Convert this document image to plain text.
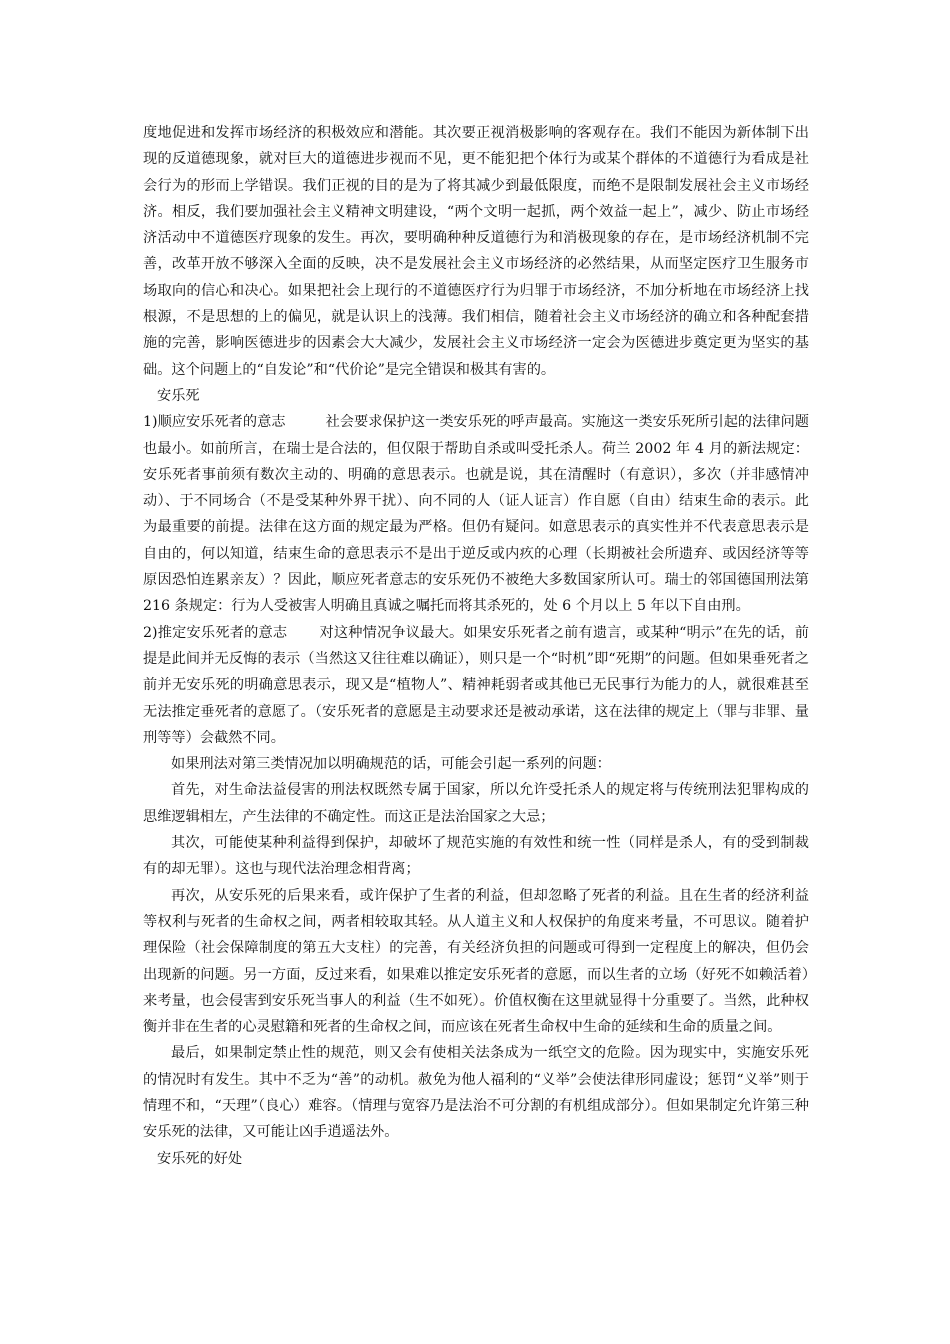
度地促进和发挥市场经济的积极效应和潜能。其次要正视消极影响的客观存在。我们不能因为新体制下出现的反道德现象，就对巨大的道德进步视而不见，更不能犯把个体行为或某个群体的不道德行为看成是社会行为的形而上学错误。我们正视的目的是为了将其减少到最低限度，而绝不是限制发展社会主义市场经济。相反，我们要加强社会主义精神文明建设，“两个文明一起抓，两个效益一起上”，减少、防止市场经济活动中不道德医疗现象的发生。再次，要明确种种反道德行为和消极现象的存在，是市场经济机制不完善，改革开放不够深入全面的反映，决不是发展社会主义市场经济的必然结果，从而坚定医疗卫生服务市场取向的信心和决心。如果把社会上现行的不道德医疗行为归罪于市场经济，不加分析地在市场经济上找根源，不是思想的上的偏见，就是认识上的浅薄。我们相信，随着社会主义市场经济的确立和各种配套措施的完善，影响医德进步的因素会大大减少，发展社会主义市场经济一定会为医德进步奠定更为坚实的基础。这个问题上的“自发论”和“代价论”是完全错误和极其有害的。

安乐死

1)顺应安乐死者的意志	社会要求保护这一类安乐死的呼声最高。实施这一类安乐死所引起的法律问题也最小。如前所言，在瑞士是合法的，但仅限于帮助自杀或叫受托杀人。荷兰 2002 年 4 月的新法规定：安乐死者事前须有数次主动的、明确的意思表示。也就是说，其在清醒时（有意识），多次（并非感情冲动）、于不同场合（不是受某种外界干扰）、向不同的人（证人证言）作自愿（自由）结束生命的表示。此为最重要的前提。法律在这方面的规定最为严格。但仍有疑问。如意思表示的真实性并不代表意思表示是自由的，何以知道，结束生命的意思表示不是出于逆反或内疚的心理（长期被社会所遗弃、或因经济等等原因恐怕连累亲友）？因此，顺应死者意志的安乐死仍不被绝大多数国家所认可。瑞士的邻国德国刑法第 216 条规定：行为人受被害人明确且真诚之嘱托而将其杀死的，处 6 个月以上 5 年以下自由刑。

2)推定安乐死者的意志 对这种情况争议最大。如果安乐死者之前有遗言，或某种“明示”在先的话，前提是此间并无反悔的表示（当然这又往往难以确证），则只是一个“时机”即“死期”的问题。但如果垂死者之前并无安乐死的明确意思表示，现又是“植物人”、精神耗弱者或其他已无民事行为能力的人，就很难甚至无法推定垂死者的意愿了。（安乐死者的意愿是主动要求还是被动承诺，这在法律的规定上（罪与非罪、量刑等等）会截然不同。

如果刑法对第三类情况加以明确规范的话，可能会引起一系列的问题：

首先，对生命法益侵害的刑法权既然专属于国家，所以允许受托杀人的规定将与传统刑法犯罪构成的思维逻辑相左，产生法律的不确定性。而这正是法治国家之大忌；

其次，可能使某种利益得到保护，却破坏了规范实施的有效性和统一性（同样是杀人，有的受到制裁有的却无罪）。这也与现代法治理念相背离；

再次，从安乐死的后果来看，或许保护了生者的利益，但却忽略了死者的利益。且在生者的经济利益等权利与死者的生命权之间，两者相较取其轻。从人道主义和人权保护的角度来考量，不可思议。随着护理保险（社会保障制度的第五大支柱）的完善，有关经济负担的问题或可得到一定程度上的解决，但仍会出现新的问题。另一方面，反过来看，如果难以推定安乐死者的意愿，而以生者的立场（好死不如赖活着）来考量，也会侵害到安乐死当事人的利益（生不如死）。价值权衡在这里就显得十分重要了。当然，此种权衡并非在生者的心灵慰籍和死者的生命权之间，而应该在死者生命权中生命的延续和生命的质量之间。

最后，如果制定禁止性的规范，则又会有使相关法条成为一纸空文的危险。因为现实中，实施安乐死的情况时有发生。其中不乏为“善”的动机。赦免为他人福利的“义举”会使法律形同虚设；惩罚“义举”则于情理不和，“天理”（良心）难容。（情理与宽容乃是法治不可分割的有机组成部分）。但如果制定允许第三种安乐死的法律，又可能让凶手逍遥法外。

安乐死的好处
